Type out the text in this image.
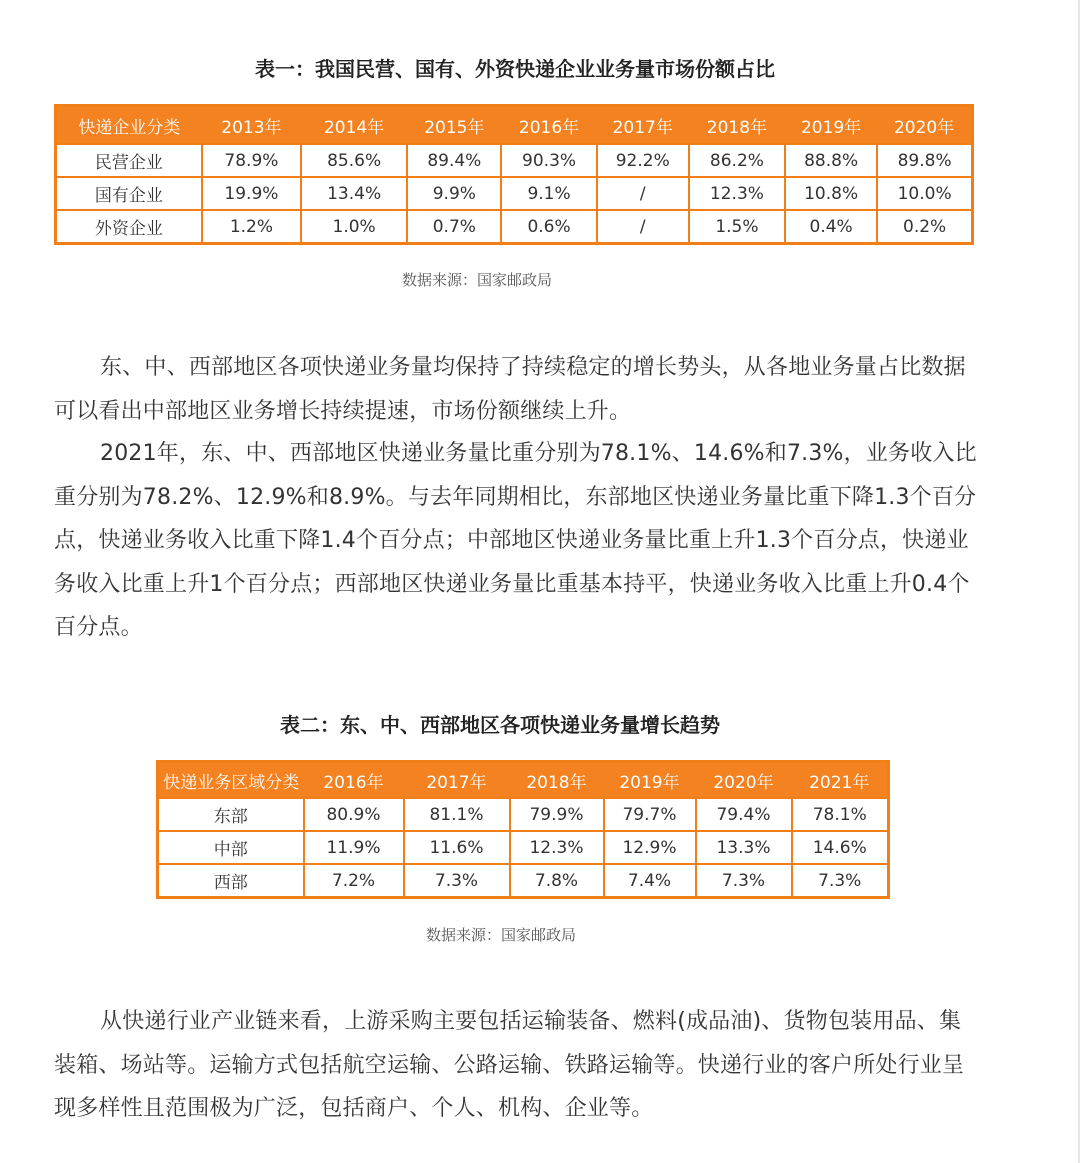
表一：我国民营、国有、外资快递企业业务量市场份额占比
快递企业分类	2013年	2014年	2015年	2016年	2017年	2018年	2019年	2020年
民营企业	78.9%	85.6%	89.4%	90.3%	92.2%	86.2%	88.8%	89.8%
国有企业	19.9%	13.4%	9.9%	9.1%	/	12.3%	10.8%	10.0%
外资企业	1.2%	1.0%	0.7%	0.6%	/	1.5%	0.4%	0.2%
数据来源：国家邮政局

东、中、西部地区各项快递业务量均保持了持续稳定的增长势头，从各地业务量占比数据可以看出中部地区业务增长持续提速，市场份额继续上升。

2021年，东、中、西部地区快递业务量比重分别为78.1%、14.6%和7.3%，业务收入比重分别为78.2%、12.9%和8.9%。与去年同期相比，东部地区快递业务量比重下降1.3个百分点，快递业务收入比重下降1.4个百分点；中部地区快递业务量比重上升1.3个百分点，快递业务收入比重上升1个百分点；西部地区快递业务量比重基本持平，快递业务收入比重上升0.4个百分点。

表二：东、中、西部地区各项快递业务量增长趋势
快递业务区域分类	2016年	2017年	2018年	2019年	2020年	2021年
东部	80.9%	81.1%	79.9%	79.7%	79.4%	78.1%
中部	11.9%	11.6%	12.3%	12.9%	13.3%	14.6%
西部	7.2%	7.3%	7.8%	7.4%	7.3%	7.3%
数据来源：国家邮政局

从快递行业产业链来看，上游采购主要包括运输装备、燃料(成品油)、货物包装用品、集装箱、场站等。运输方式包括航空运输、公路运输、铁路运输等。快递行业的客户所处行业呈现多样性且范围极为广泛，包括商户、个人、机构、企业等。
